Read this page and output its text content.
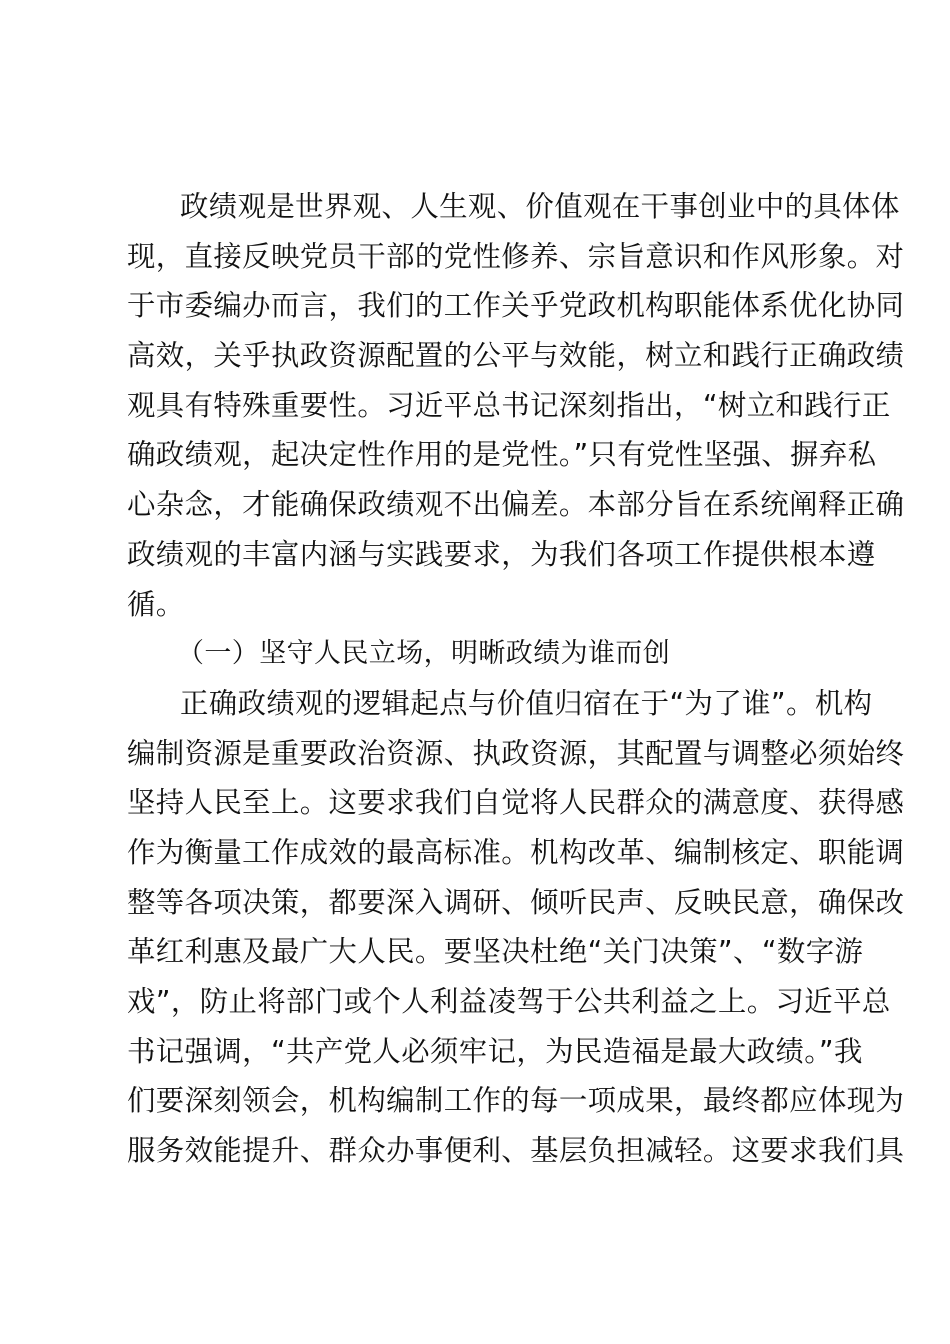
政绩观是世界观、人生观、价值观在干事创业中的具体体
现，直接反映党员干部的党性修养、宗旨意识和作风形象。对
于市委编办而言，我们的工作关乎党政机构职能体系优化协同
高效，关乎执政资源配置的公平与效能，树立和践行正确政绩
观具有特殊重要性。习近平总书记深刻指出，“树立和践行正
确政绩观，起决定性作用的是党性。”只有党性坚强、摒弃私
心杂念，才能确保政绩观不出偏差。本部分旨在系统阐释正确
政绩观的丰富内涵与实践要求，为我们各项工作提供根本遵
循。
（一）坚守人民立场，明晰政绩为谁而创
正确政绩观的逻辑起点与价值归宿在于“为了谁”。机构
编制资源是重要政治资源、执政资源，其配置与调整必须始终
坚持人民至上。这要求我们自觉将人民群众的满意度、获得感
作为衡量工作成效的最高标准。机构改革、编制核定、职能调
整等各项决策，都要深入调研、倾听民声、反映民意，确保改
革红利惠及最广大人民。要坚决杜绝“关门决策”、“数字游
戏”，防止将部门或个人利益凌驾于公共利益之上。习近平总
书记强调，“共产党人必须牢记，为民造福是最大政绩。”我
们要深刻领会，机构编制工作的每一项成果，最终都应体现为
服务效能提升、群众办事便利、基层负担减轻。这要求我们具
